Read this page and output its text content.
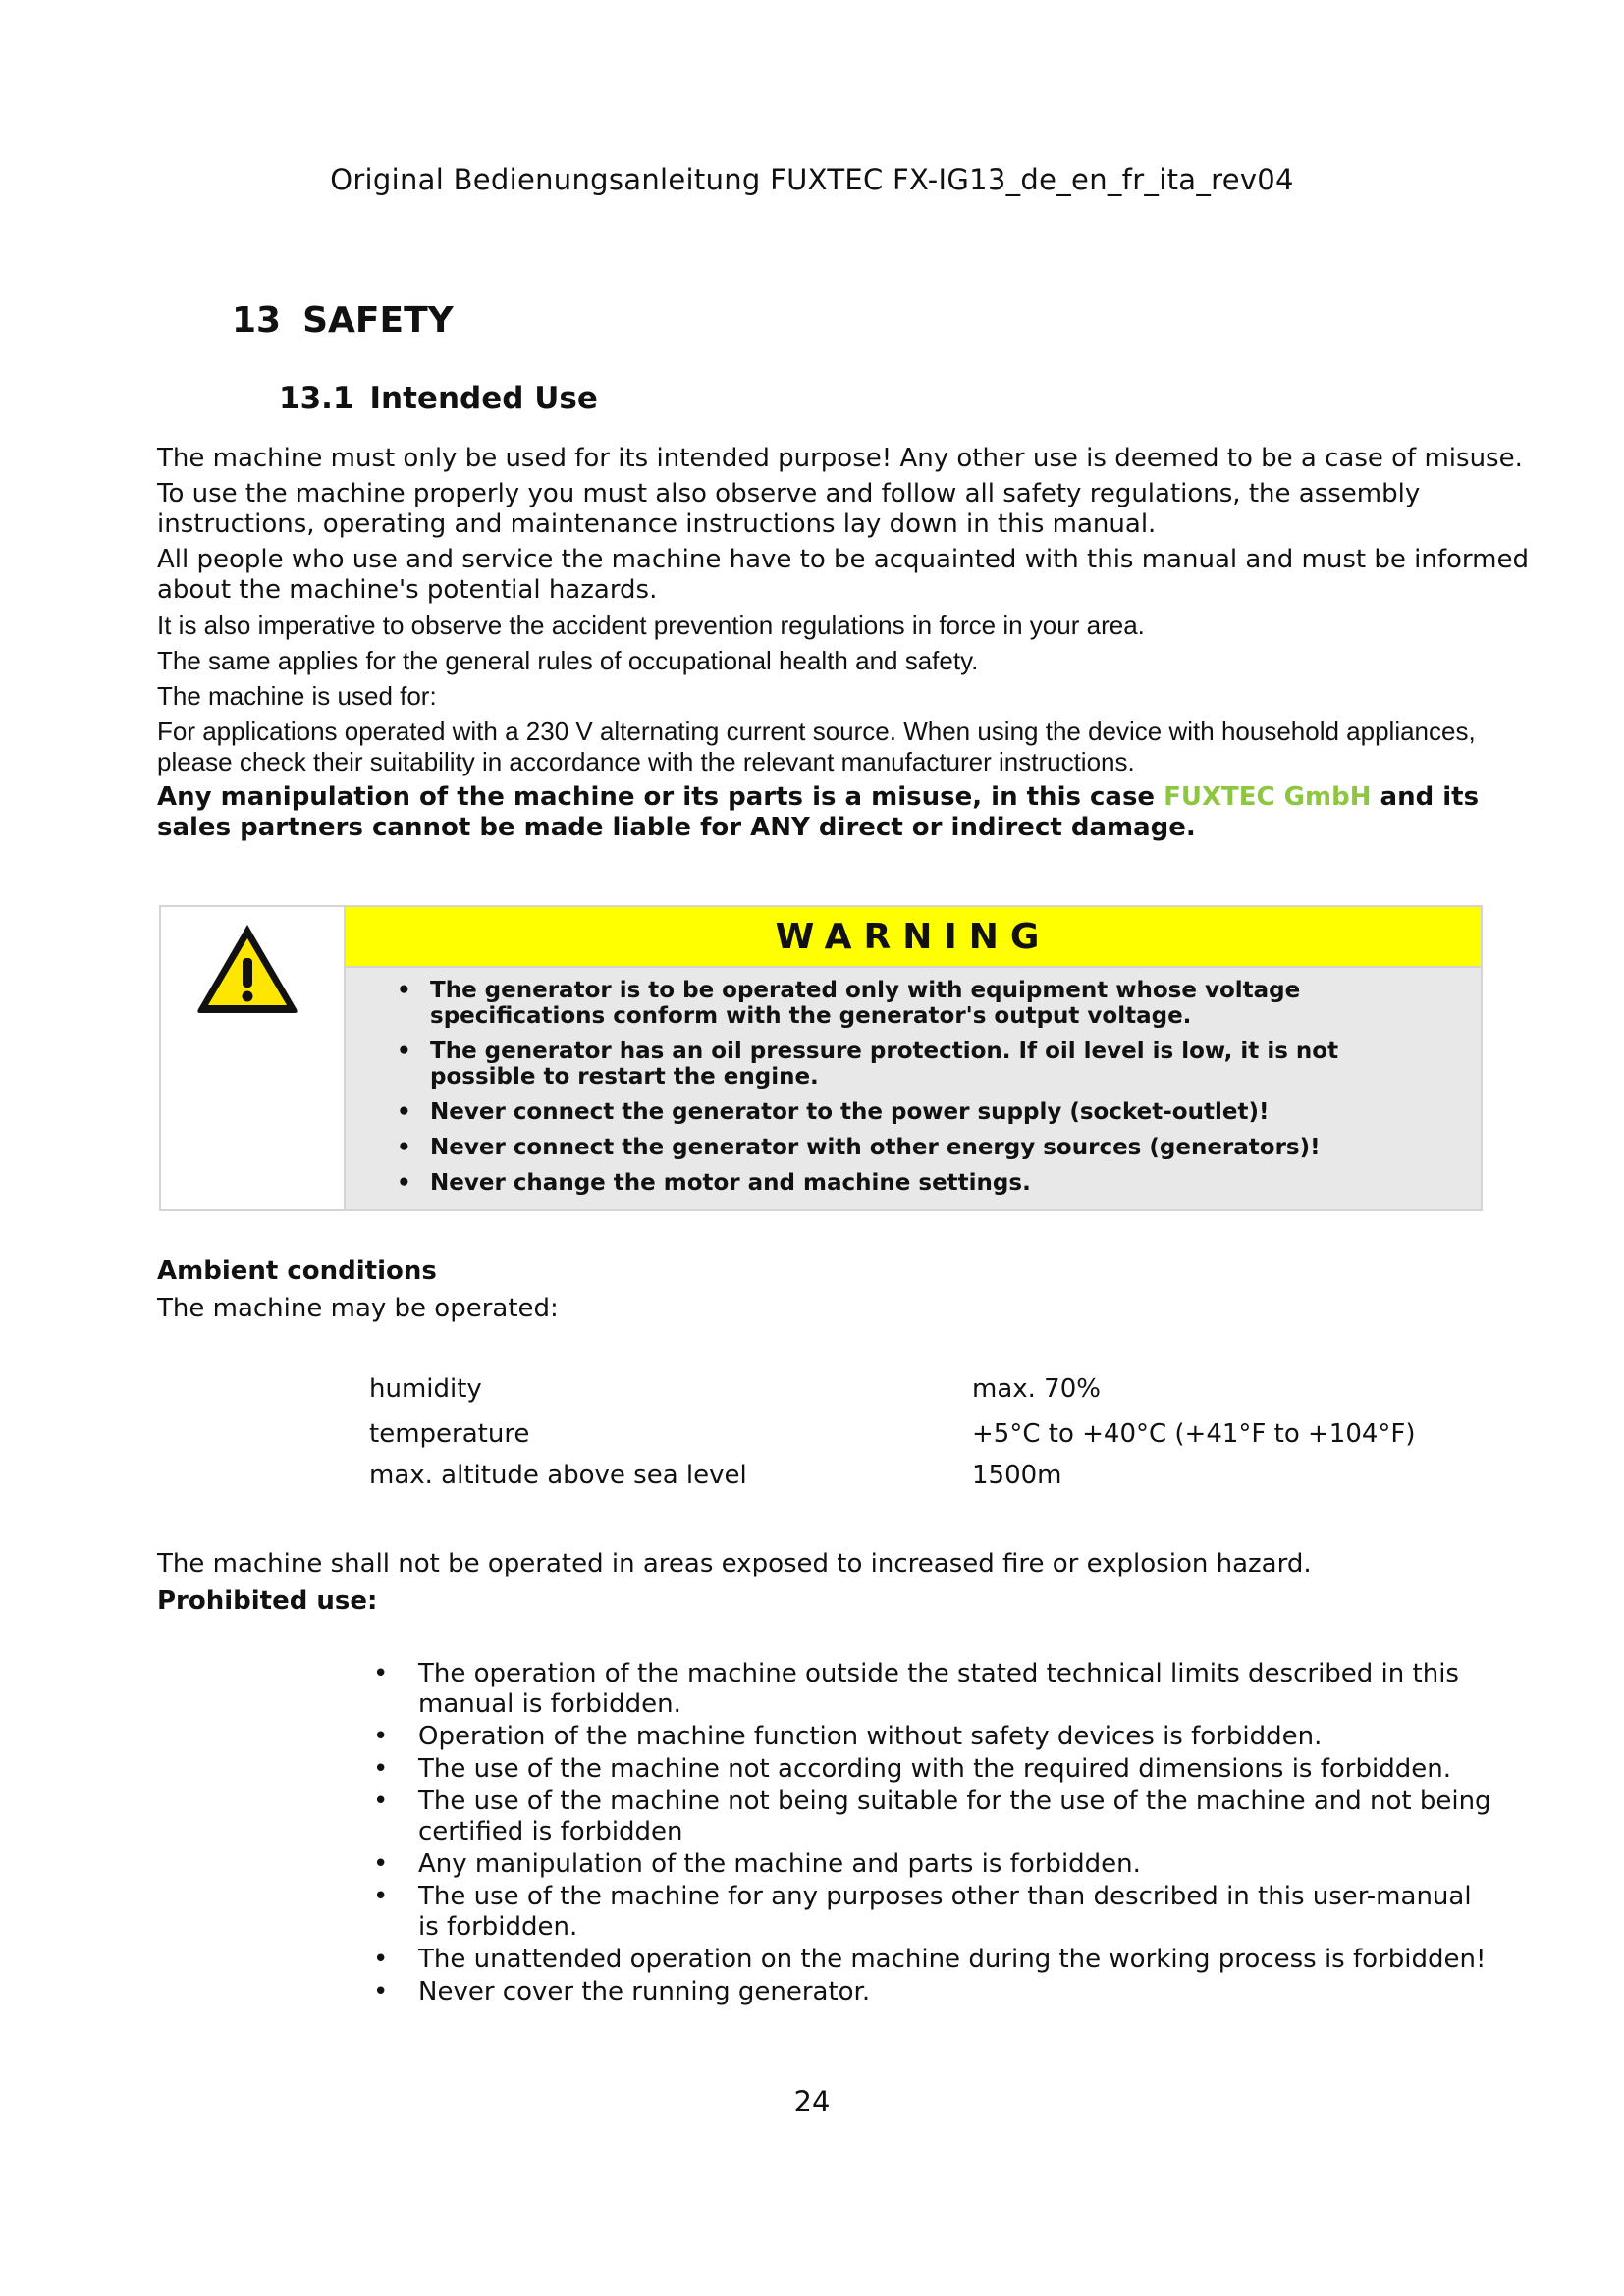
Original Bedienungsanleitung FUXTEC FX-IG13_de_en_fr_ita_rev04
13 SAFETY
13.1 Intended Use

The machine must only be used for its intended purpose! Any other use is deemed to be a case of misuse.

To use the machine properly you must also observe and follow all safety regulations, the assembly instructions, operating and maintenance instructions lay down in this manual.

All people who use and service the machine have to be acquainted with this manual and must be informed about the machine's potential hazards.

It is also imperative to observe the accident prevention regulations in force in your area.

The same applies for the general rules of occupational health and safety.

The machine is used for:

For applications operated with a 230 V alternating current source. When using the device with household appliances, please check their suitability in accordance with the relevant manufacturer instructions.

Any manipulation of the machine or its parts is a misuse, in this case FUXTEC GmbH and its sales partners cannot be made liable for ANY direct or indirect damage.

WARNING
• The generator is to be operated only with equipment whose voltage specifications conform with the generator's output voltage.
• The generator has an oil pressure protection. If oil level is low, it is not possible to restart the engine.
• Never connect the generator to the power supply (socket-outlet)!
• Never connect the generator with other energy sources (generators)!
• Never change the motor and machine settings.
Ambient conditions
The machine may be operated:
humidity	max. 70%
temperature	+5°C to +40°C (+41°F to +104°F)
max. altitude above sea level	1500m
The machine shall not be operated in areas exposed to increased fire or explosion hazard.
Prohibited use:
• The operation of the machine outside the stated technical limits described in this manual is forbidden.
• Operation of the machine function without safety devices is forbidden.
• The use of the machine not according with the required dimensions is forbidden.
• The use of the machine not being suitable for the use of the machine and not being certified is forbidden
• Any manipulation of the machine and parts is forbidden.
• The use of the machine for any purposes other than described in this user-manual is forbidden.
• The unattended operation on the machine during the working process is forbidden!
• Never cover the running generator.
24
